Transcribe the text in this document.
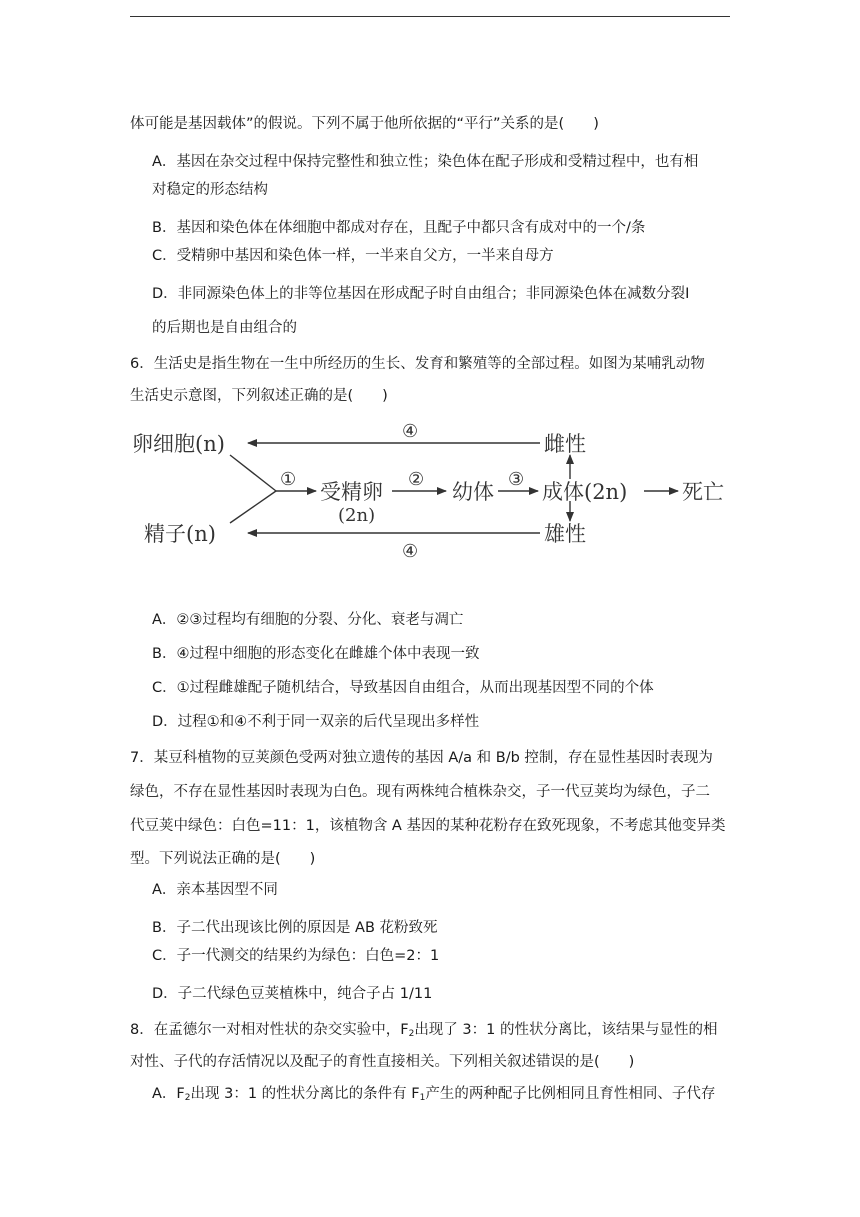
体可能是基因载体”的假说。下列不属于他所依据的“平行”关系的是(　　)
A．基因在杂交过程中保持完整性和独立性；染色体在配子形成和受精过程中，也有相
对稳定的形态结构
B．基因和染色体在体细胞中都成对存在，且配子中都只含有成对中的一个/条
C．受精卵中基因和染色体一样，一半来自父方，一半来自母方
D．非同源染色体上的非等位基因在形成配子时自由组合；非同源染色体在减数分裂Ⅰ
的后期也是自由组合的
6．生活史是指生物在一生中所经历的生长、发育和繁殖等的全部过程。如图为某哺乳动物
生活史示意图，下列叙述正确的是(　　)
卵细胞(n)
精子(n)
受精卵
(2n)
幼体 成体(2n)	死亡
雌性
雄性
①	②	③
④
④
A．②③过程均有细胞的分裂、分化、衰老与凋亡
B．④过程中细胞的形态变化在雌雄个体中表现一致
C．①过程雌雄配子随机结合，导致基因自由组合，从而出现基因型不同的个体
D．过程①和④不利于同一双亲的后代呈现出多样性
7．某豆科植物的豆荚颜色受两对独立遗传的基因 A/a 和 B/b 控制，存在显性基因时表现为
绿色，不存在显性基因时表现为白色。现有两株纯合植株杂交，子一代豆荚均为绿色，子二
代豆荚中绿色：白色=11：1，该植物含 A 基因的某种花粉存在致死现象，不考虑其他变异类
型。下列说法正确的是(　　)
A．亲本基因型不同
B．子二代出现该比例的原因是 AB 花粉致死
C．子一代测交的结果约为绿色：白色=2：1
D．子二代绿色豆荚植株中，纯合子占 1/11
8．在孟德尔一对相对性状的杂交实验中，$F_2$出现了 3：1 的性状分离比，该结果与显性的相
对性、子代的存活情况以及配子的育性直接相关。下列相关叙述错误的是(　　)
A．$F_2$出现 3：1 的性状分离比的条件有 $F_1$产生的两种配子比例相同且育性相同、子代存
